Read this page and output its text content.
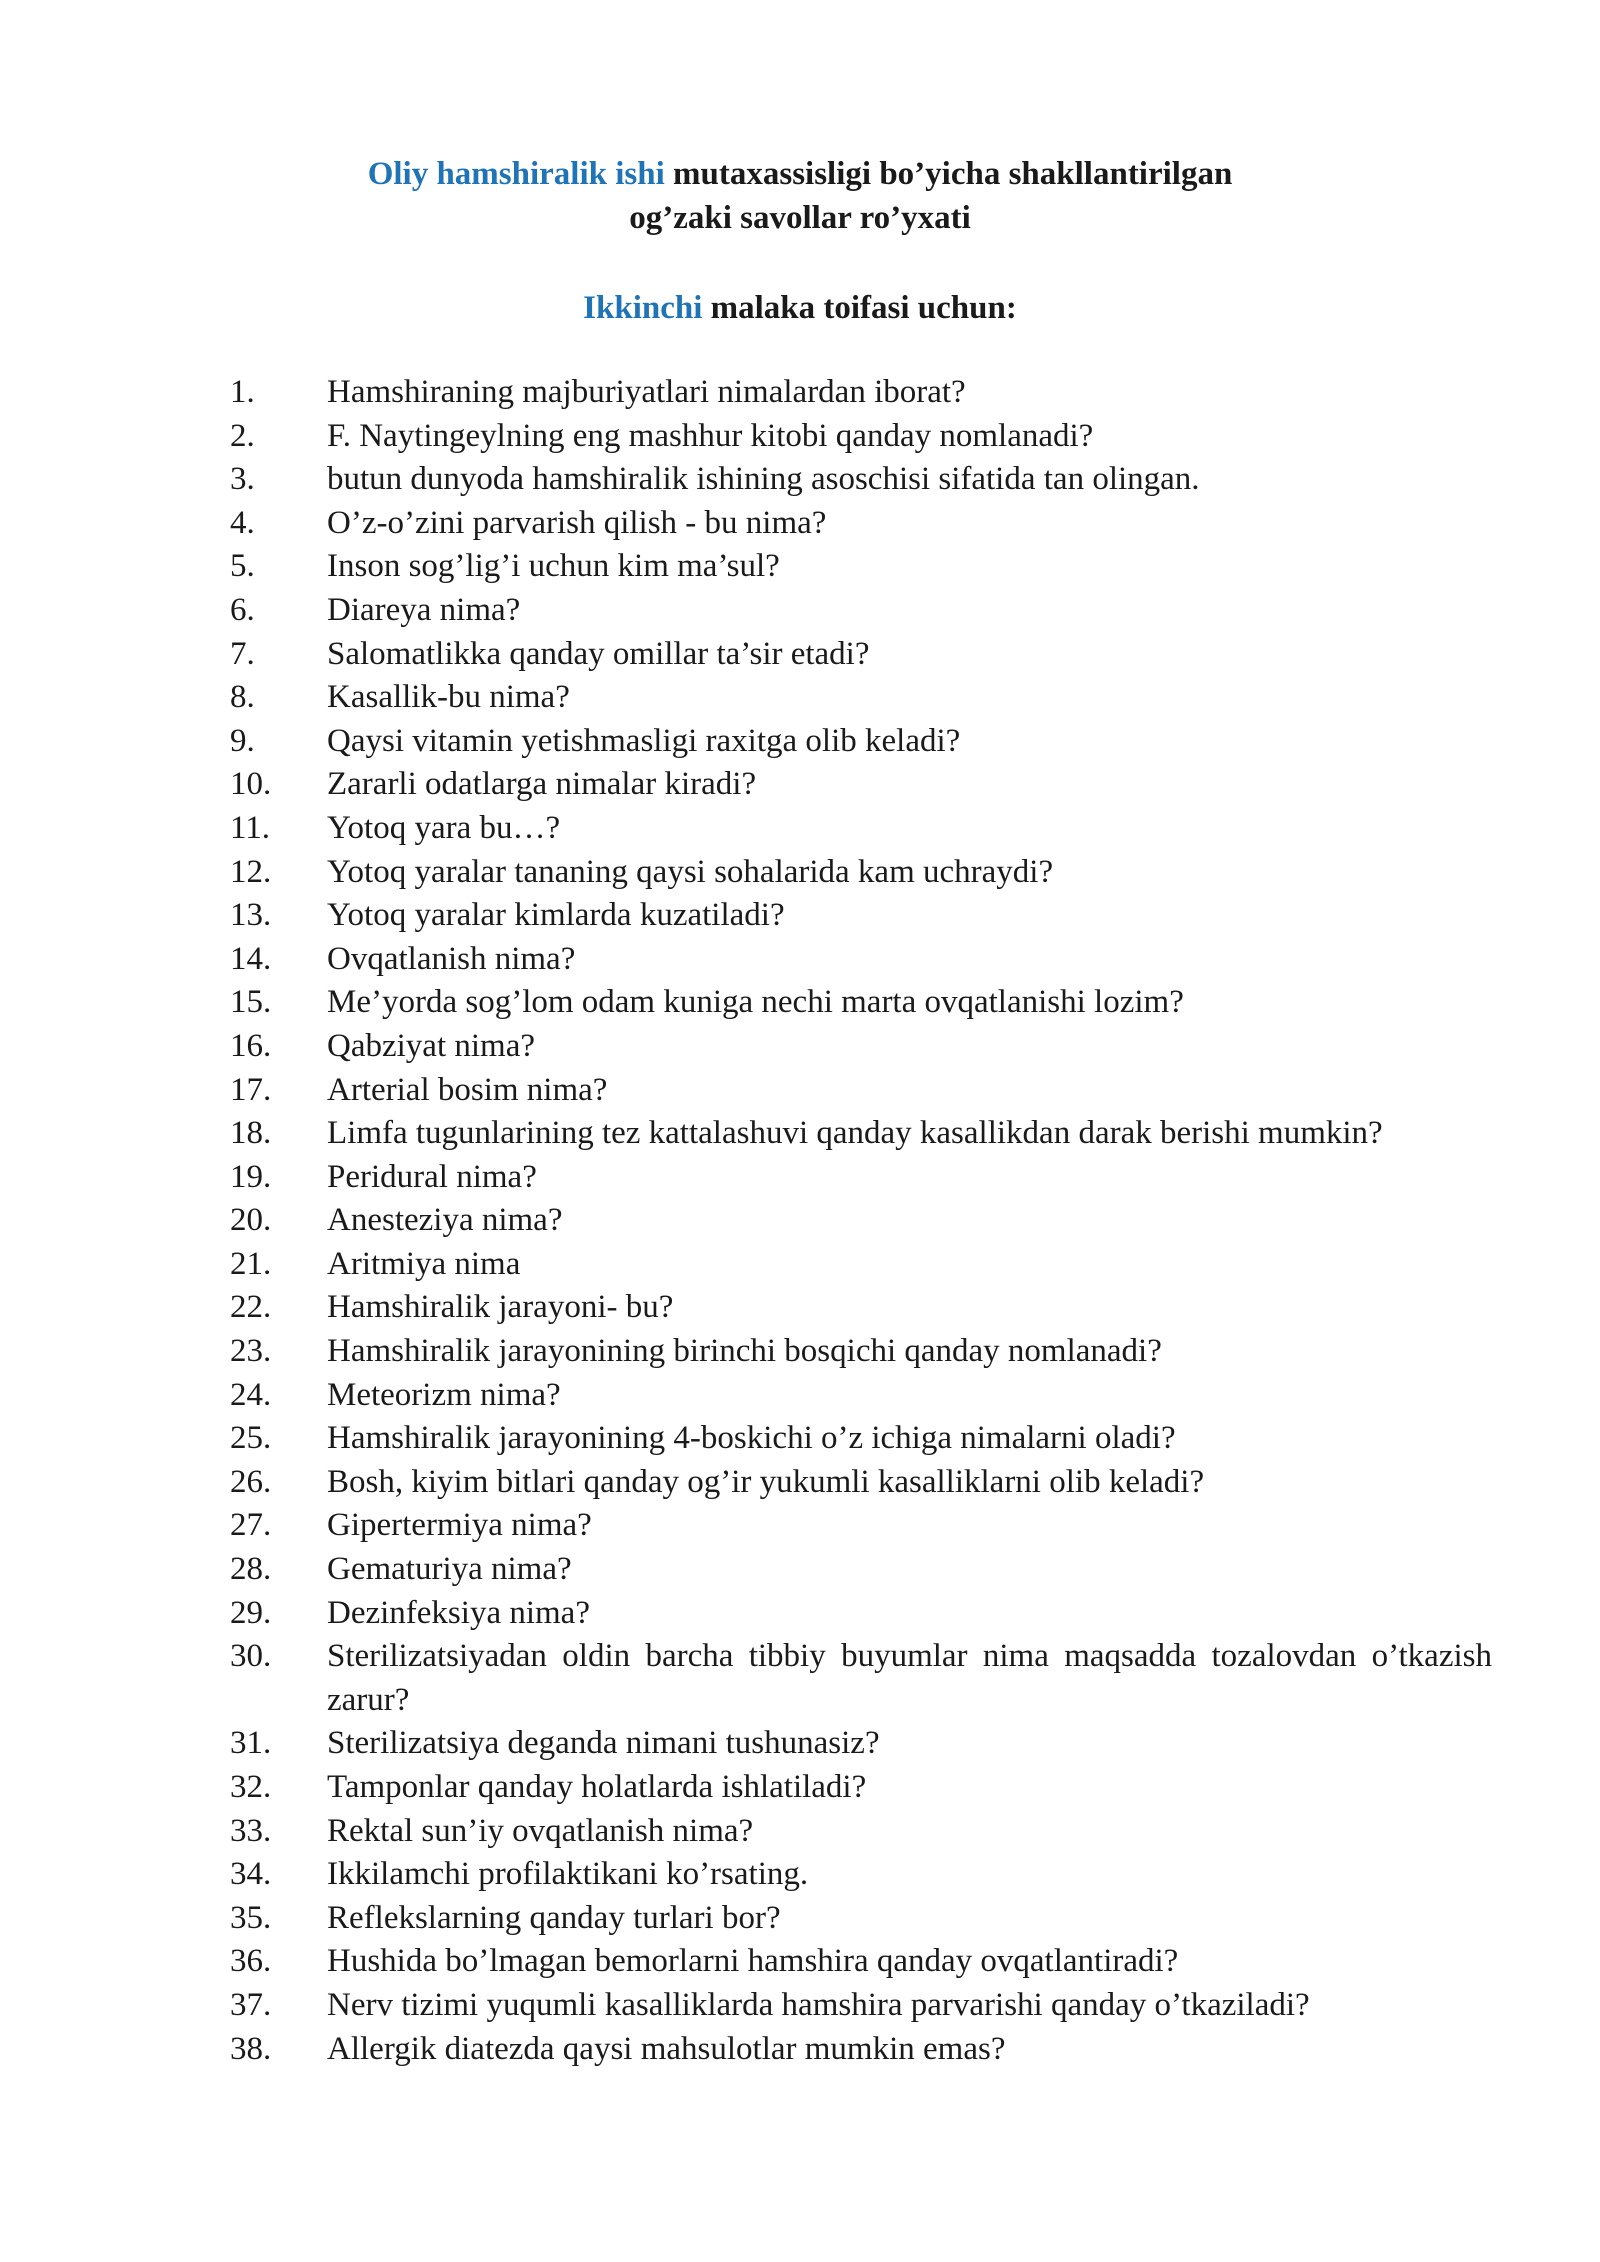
Oliy hamshiralik ishi mutaxassisligi bo’yicha shakllantirilgan
og’zaki savollar ro’yxati
Ikkinchi malaka toifasi uchun:
1.	Hamshiraning majburiyatlari nimalardan iborat?
2.	F. Naytingeylning eng mashhur kitobi qanday nomlanadi?
3.	butun dunyoda hamshiralik ishining asoschisi sifatida tan olingan.
4.	O’z-o’zini parvarish qilish - bu nima?
5.	Inson sog’lig’i uchun kim ma’sul?
6.	Diareya nima?
7.	Salomatlikka qanday omillar ta’sir etadi?
8.	Kasallik-bu nima?
9.	Qaysi vitamin yetishmasligi raxitga olib keladi?
10.	Zararli odatlarga nimalar kiradi?
11.	Yotoq yara bu…?
12.	Yotoq yaralar tananing qaysi sohalarida kam uchraydi?
13.	Yotoq yaralar kimlarda kuzatiladi?
14.	Ovqatlanish nima?
15.	Me’yorda sog’lom odam kuniga nechi marta ovqatlanishi lozim?
16.	Qabziyat nima?
17.	Arterial bosim nima?
18.	Limfa tugunlarining tez kattalashuvi qanday kasallikdan darak berishi mumkin?
19.	Peridural nima?
20.	Anesteziya nima?
21.	Aritmiya nima
22.	Hamshiralik jarayoni- bu?
23.	Hamshiralik jarayonining birinchi bosqichi qanday nomlanadi?
24.	Meteorizm nima?
25.	Hamshiralik jarayonining 4-boskichi o’z ichiga nimalarni oladi?
26.	Bosh, kiyim bitlari qanday og’ir yukumli kasalliklarni olib keladi?
27.	Gipertermiya nima?
28.	Gematuriya nima?
29.	Dezinfeksiya nima?
30.	Sterilizatsiyadan oldin barcha tibbiy buyumlar nima maqsadda tozalovdan o’tkazish zarur?
31.	Sterilizatsiya deganda nimani tushunasiz?
32.	Tamponlar qanday holatlarda ishlatiladi?
33.	Rektal sun’iy ovqatlanish nima?
34.	Ikkilamchi profilaktikani ko’rsating.
35.	Reflekslarning qanday turlari bor?
36.	Hushida bo’lmagan bemorlarni hamshira qanday ovqatlantiradi?
37.	Nerv tizimi yuqumli kasalliklarda hamshira parvarishi qanday o’tkaziladi?
38.	Allergik diatezda qaysi mahsulotlar mumkin emas?
